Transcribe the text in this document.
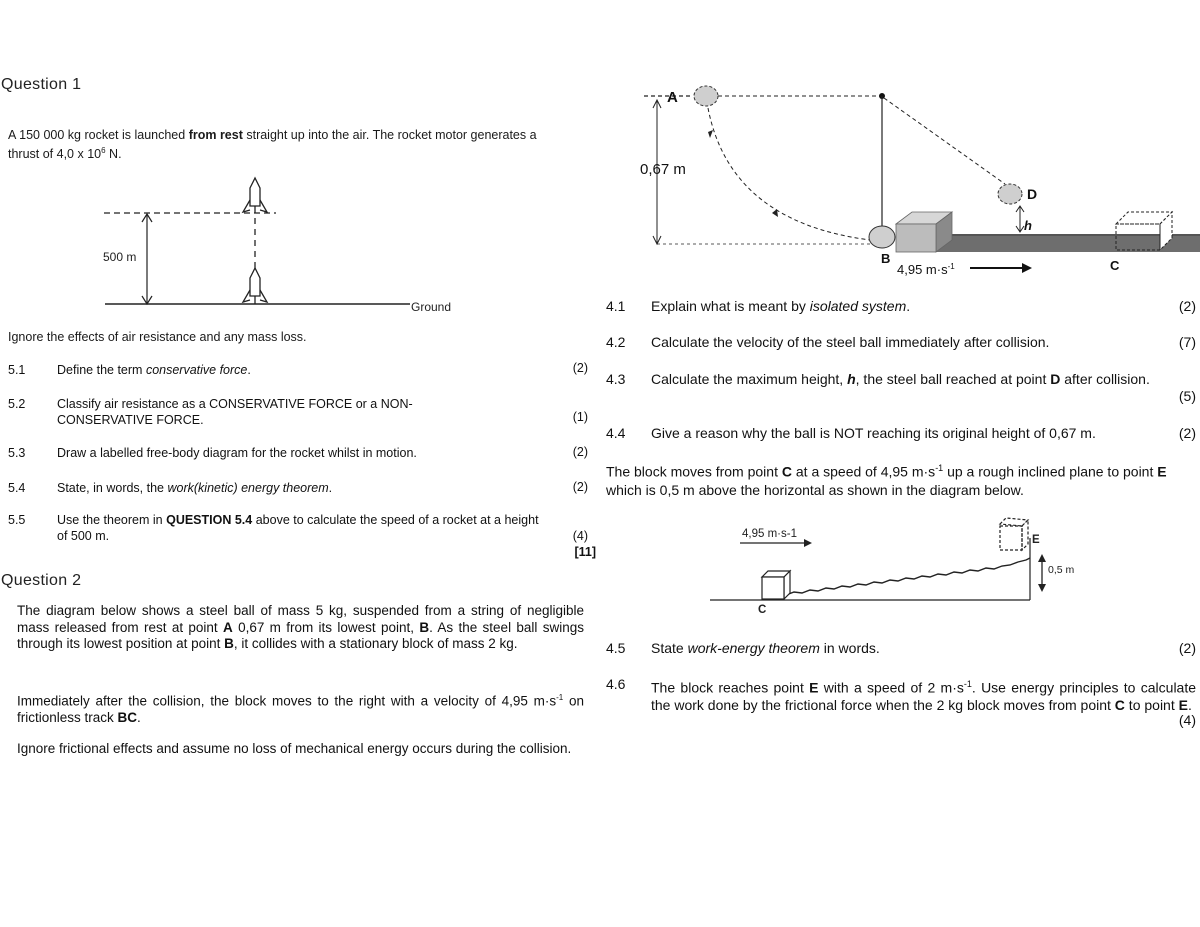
Question 1
A 150 000 kg rocket is launched from rest straight up into the air. The rocket motor generates a thrust of 4,0 x $10^6$ N.
500 m
Ground
Ignore the effects of air resistance and any mass loss.
5.1	Define the term conservative force.	(2)
5.2	Classify air resistance as a CONSERVATIVE FORCE or a NON-CONSERVATIVE FORCE.	(1)
5.3	Draw a labelled free-body diagram for the rocket whilst in motion.	(2)
5.4	State, in words, the work(kinetic) energy theorem.	(2)
5.5	Use the theorem in QUESTION 5.4 above to calculate the speed of a rocket at a height of 500 m.	(4)
[11]
Question 2
The diagram below shows a steel ball of mass 5 kg, suspended from a string of negligible mass released from rest at point A 0,67 m from its lowest point, B. As the steel ball swings through its lowest position at point B, it collides with a stationary block of mass 2 kg.
Immediately after the collision, the block moves to the right with a velocity of 4,95 $m\cdot s^{-1}$ on frictionless track BC.
Ignore frictional effects and assume no loss of mechanical energy occurs during the collision.
A
0,67 m
B
4,95 $m\cdot s^{-1}$	C
D
h
4.1 Explain what is meant by isolated system.	(2)
4.2 Calculate the velocity of the steel ball immediately after collision.	(7)
4.3 Calculate the maximum height, h, the steel ball reached at point D after collision.
(5)
4.4 Give a reason why the ball is NOT reaching its original height of 0,67 m.	(2)
The block moves from point C at a speed of 4,95 $m\cdot s^{-1}$ up a rough inclined plane to point E which is 0,5 m above the horizontal as shown in the diagram below.
4,95 m·s-1
C
E
0,5 m
4.5 State work-energy theorem in words.	(2)
4.6 The block reaches point E with a speed of 2 $m\cdot s^{-1}$. Use energy principles to calculate the work done by the frictional force when the 2 kg block moves from point C to point E.
(4)
